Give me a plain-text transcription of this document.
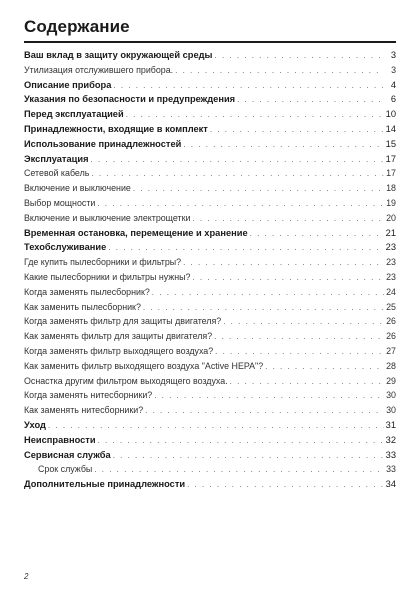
Содержание
Ваш вклад в защиту окружающей среды . . .	3
Утилизация отслужившего прибора. . . .	3
Описание прибора . . .	4
Указания по безопасности и предупреждения . . .	6
Перед эксплуатацией . . .	10
Принадлежности, входящие в комплект . . .	14
Использование принадлежностей . . .	15
Эксплуатация . . .	17
Сетевой кабель . . .	17
Включение и выключение . . .	18
Выбор мощности . . .	19
Включение и выключение электрощетки . . .	20
Временная остановка, перемещение и хранение . . .	21
Техобслуживание . . .	23
Где купить пылесборники и фильтры? . . .	23
Какие пылесборники и фильтры нужны? . . .	23
Когда заменять пылесборник? . . .	24
Как заменить пылесборник? . . .	25
Когда заменять фильтр для защиты двигателя? . . .	26
Как заменять фильтр для защиты двигателя? . . .	26
Когда заменять фильтр выходящего воздуха? . . .	27
Как заменить фильтр выходящего воздуха "Active HEPA"? . . .	28
Оснастка другим фильтром выходящего воздуха. . . .	29
Когда заменять нитесборники? . . .	30
Как заменять нитесборники? . . .	30
Уход . . .	31
Неисправности . . .	32
Сервисная служба . . .	33
Срок службы . . .	33
Дополнительные принадлежности . . .	34
2
